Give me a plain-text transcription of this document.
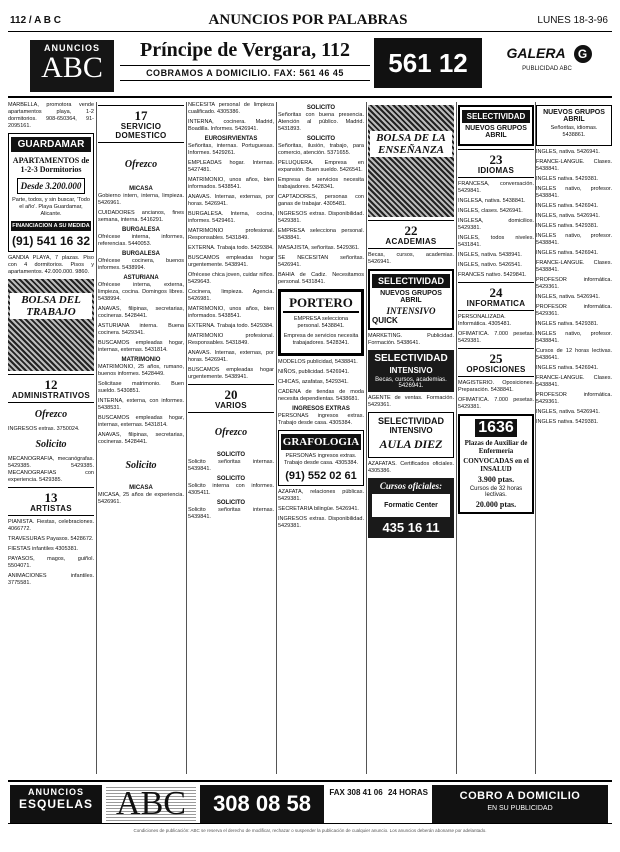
112 / A B C	ANUNCIOS POR PALABRAS	LUNES 18-3-96
ANUNCIOS
ABC
Príncipe de Vergara, 112
COBRAMOS A DOMICILIO. FAX: 561 46 45	561 12	GALERA G
PUBLICIDAD ABC

MARBELLA, promotora vende apartamentos playa, 1-2 dormitorios. 908-650364, 91-2095161.

GUARDAMAR
APARTAMENTOS de 1-2-3 Dormitorios
Desde 3.200.000

Parte, todos, y sin buscar, 'Todo el año'. Playa Guardamar, Alicante.

FINANCIACION A SU MEDIDA
(91) 541 16 32

GANDIA PLAYA, 7 plazas. Piso con 4 dormitorios. Pisos y apartamentos. 42.000.000. 9860.

BOLSA DEL TRABAJO
12
ADMINISTRATIVOS
Ofrezco

INGRESOS extras. 3750024.

Solicito

MECANOGRAFIA, mecanógrafas. 5429385. 5429385. MECANOGRAFIAS con experiencia. 5429385.

13
ARTISTAS

PIANISTA. Fiestas, celebraciones. 4066772.

TRAVESURAS Payasos. 5428672.

FIESTAS infantiles 4305381.

PAYASOS, magos, guiñol. 5504071.

ANIMACIONES infantiles. 3775581.

17
SERVICIO DOMESTICO
Ofrezco
MICASA

Gobierno intern, interna, limpieza. 5426961.

CUIDADORES ancianos, fines semana, interna. 5416291.

BURGALESA

Ofrécese interna, informes, referencias. 5440053.

BURGALESA

Ofrécese cocinera, buenos informes. 5438994.

ASTURIANA

Ofrécese interna, externa, limpieza, cocina. Domingos libres. 5438994.

ANAVAS, filipinas, secretarias, cocineras. 5428441.

ASTURIANA interna. Buena cocinera. 5429341.

BUSCAMOS empleadas hogar, internas, externas. 5431814.

MATRIMONIO

MATRIMONIO, 25 años, rumano, buenos informes. 5428449.

Solicitase matrimonio. Buen sueldo. 5430851.

INTERNA, externa, con informes. 5438531.

BUSCAMOS empleadas hogar, internas, externas. 5431814.

ANAVAS, filipinas, secretarias, cocineras. 5428441.

Solicito
MICASA

MICASA, 25 años de experiencia. 5426961.

NECESITA personal de limpieza cualificado. 4305386.

INTERNA, cocinera. Madrid, Boadilla. Informes. 5426941.

EUROSIRVIENTAS

Señoritas, internas. Portuguesas. Informes. 5429261.

EMPLEADAS hogar. Internas. 5427481.

MATRIMONIO, unos años, bien informados. 5438541.

ANAVAS. Internas, externas, por horas. 5426941.

BURGALESA. Interna, cocina, informes. 5429461.

MATRIMONIO profesional. Responsables. 5431849.

EXTERNA. Trabaja todo. 5429384.

BUSCAMOS empleadas hogar urgentemente. 5438941.

Ofrécese chica joven, cuidar niños. 5429643.

Cocinera, limpieza. Agencia. 5426981.

MATRIMONIO, unos años, bien informados. 5438541.

EXTERNA. Trabaja todo. 5429384.

MATRIMONIO profesional. Responsables. 5431849.

ANAVAS. Internas, externas, por horas. 5426941.

BUSCAMOS empleadas hogar urgentemente. 5438941.

20
VARIOS
Ofrezco
SOLICITO

Solicito señoritas internas. 5439841.

SOLICITO

Solicito interna con informes. 4305411.

SOLICITO

Solicito señoritas internas. 5439841.

SOLICITO

Señoritas con buena presencia. Atención al público. Madrid. 5431893.

SOLICITO

Señoritas, ilusión, trabajo, para comercio, atención. 5371655.

PELUQUERA. Empresa en expansión. Buen sueldo. 5426541.

Empresa de servicios necesita trabajadores. 5428341.

CAPTADORES, personas con ganas de trabajar. 4305481.

INGRESOS extras. Disponibilidad. 5429381.

EMPRESA selecciona personal. 5438841.

MASAJISTA, señoritas. 5429361.

SE NECESITAN señoritas. 5426941.

BAHIA de Cadiz. Necesitamos personal. 5431841.

PORTERO

EMPRESA selecciona personal. 5438841.

Empresa de servicios necesita trabajadores. 5428341.

MODELOS publicidad, 5438841.

NIÑOS, publicidad. 5426941.

CHICAS, azafatas, 5429341.

CADENA de tiendas de moda necesita dependientas. 5438681.

INGRESOS EXTRAS

PERSONAS ingresos extras. Trabajo desde casa. 4305384.

GRAFOLOGIA

PERSONAS ingresos extras. Trabajo desde casa. 4305384.

(91) 552 02 61

AZAFATA, relaciones públicas. 5429381.

SECRETARIA bilingüe. 5426941.

INGRESOS extras. Disponibilidad. 5429381.

BOLSA DE LA ENSEÑANZA
22
ACADEMIAS

Becas, cursos, academias. 5426941.

SELECTIVIDAD
NUEVOS GRUPOS ABRIL
INTENSIVO
QUICK

MARKETING. Publicidad. Formación. 5438641.

SELECTIVIDAD
INTENSIVO
Becas, cursos, academias. 5426941.

AGENTE de ventas. Formación. 5429361.

SELECTIVIDAD
INTENSIVO
AULA DIEZ

AZAFATAS. Certificados oficiales. 4305386.

Cursos oficiales:
Formatic Center
435 16 11
SELECTIVIDAD
NUEVOS GRUPOS ABRIL
23
IDIOMAS

FRANCESA, conversación. 5429841.

INGLESA, nativa. 5438841.

INGLES, clases. 5426941.

INGLESA, domicilios. 5429381.

INGLES, todos niveles. 5431841.

INGLES, nativa. 5438941.

INGLES, nativo. 5426541.

FRANCES nativo. 5429841.

24
INFORMATICA

PERSONALIZADA. Informática. 4305481.

OFIMATICA. 7.000 pesetas. 5429381.

25
OPOSICIONES

MAGISTERIO. Oposiciones. Preparación. 5438841.

OFIMATICA. 7.000 pesetas. 5429381.

1636
Plazas de Auxiliar de Enfermería
CONVOCADAS en el INSALUD
3.900 ptas.
Cursos de 32 horas lectivas.
20.000 ptas.
NUEVOS GRUPOS ABRIL

Señoritas, idiomas. 5438861.

INGLES, nativa. 5426941.

FRANCE-LANGUE. Clases. 5438841.

INGLES nativa. 5429381.

INGLES nativo, profesor. 5438841.

INGLES nativa. 5426941.

INGLES, nativa. 5426941.

INGLES nativa. 5429381.

INGLES nativo, profesor. 5438841.

INGLES nativa. 5426941.

FRANCE-LANGUE. Clases. 5438841.

PROFESOR informática. 5429361.

INGLES, nativa. 5426941.

PROFESOR informática. 5429361.

INGLES nativa. 5429381.

INGLES nativo, profesor. 5438841.

Cursos de 12 horas lectivas. 5438641.

INGLES nativa. 5426941.

FRANCE-LANGUE. Clases. 5438841.

PROFESOR informática. 5429361.

INGLES, nativa. 5426941.

INGLES nativa. 5429381.

ANUNCIOS
ESQUELAS ABC	308 08 58	FAX 308 41 06 24 HORAS	COBRO A DOMICILIO
EN SU PUBLICIDAD
Condiciones de publicación: ABC se reserva el derecho de modificar, rechazar o suspender la publicación de cualquier anuncio. Los anuncios deberán abonarse por adelantado.
